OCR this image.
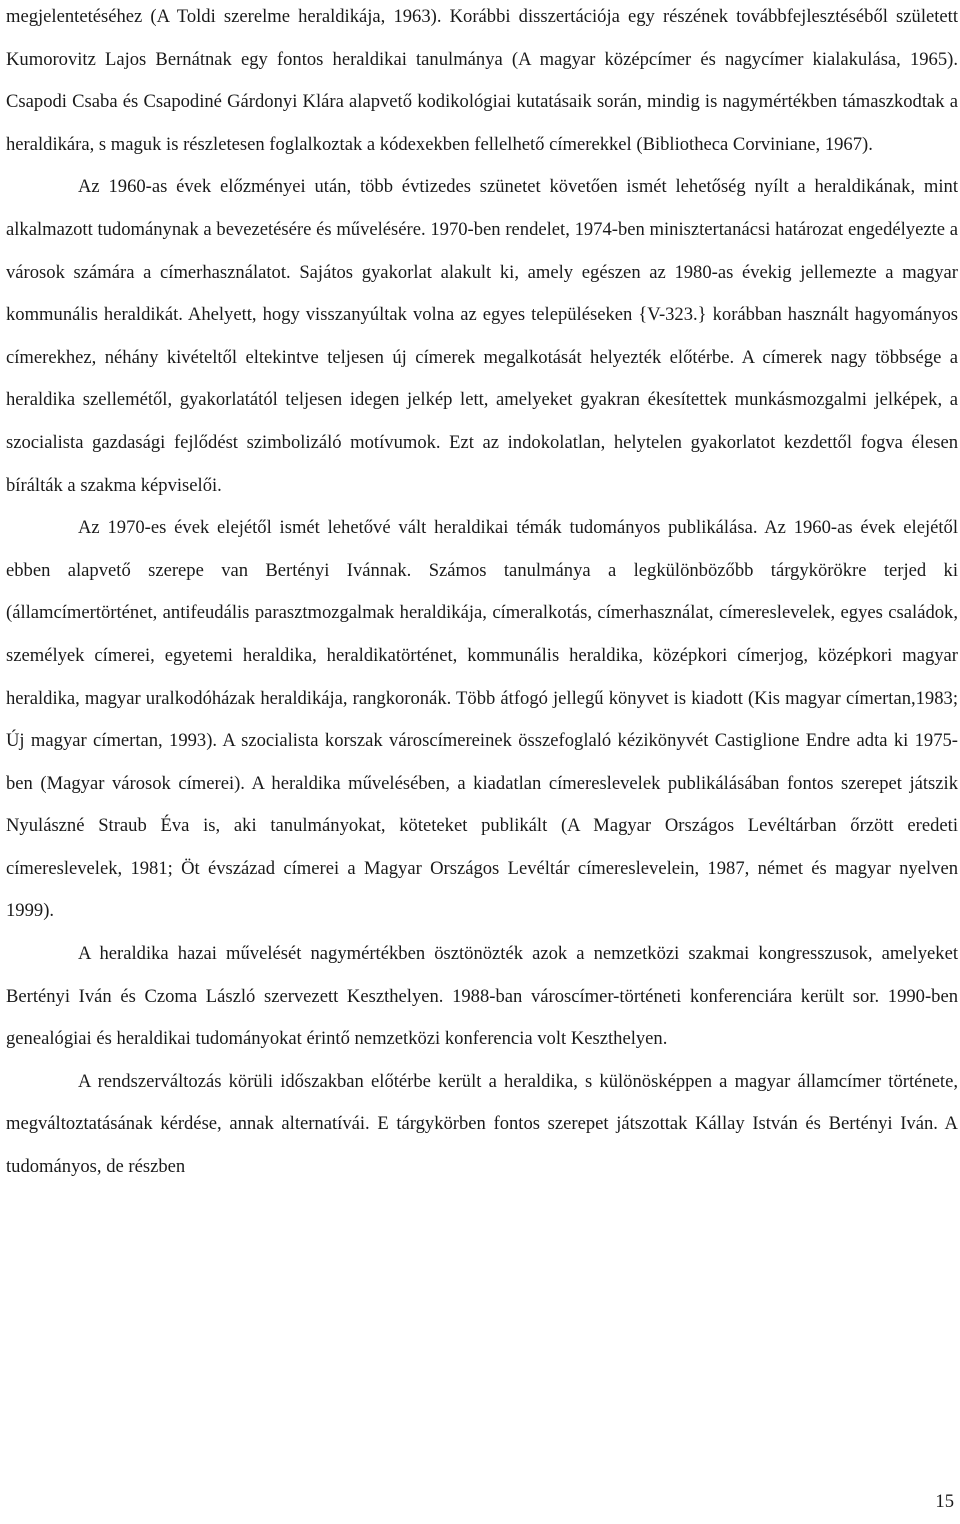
megjelentetéséhez (A Toldi szerelme heraldikája, 1963). Korábbi disszertációja egy részének továbbfejlesztéséből született Kumorovitz Lajos Bernátnak egy fontos heraldikai tanulmánya (A magyar középcímer és nagycímer kialakulása, 1965). Csapodi Csaba és Csapodiné Gárdonyi Klára alapvető kodikológiai kutatásaik során, mindig is nagymértékben támaszkodtak a heraldikára, s maguk is részletesen foglalkoztak a kódexekben fellelhető címerekkel (Bibliotheca Corviniane, 1967).

Az 1960-as évek előzményei után, több évtizedes szünetet követően ismét lehetőség nyílt a heraldikának, mint alkalmazott tudománynak a bevezetésére és művelésére. 1970-ben rendelet, 1974-ben minisztertanácsi határozat engedélyezte a városok számára a címerhasználatot. Sajátos gyakorlat alakult ki, amely egészen az 1980-as évekig jellemezte a magyar kommunális heraldikát. Ahelyett, hogy visszanyúltak volna az egyes településeken {V-323.} korábban használt hagyományos címerekhez, néhány kivételtől eltekintve teljesen új címerek megalkotását helyezték előtérbe. A címerek nagy többsége a heraldika szellemétől, gyakorlatától teljesen idegen jelkép lett, amelyeket gyakran ékesítettek munkásmozgalmi jelképek, a szocialista gazdasági fejlődést szimbolizáló motívumok. Ezt az indokolatlan, helytelen gyakorlatot kezdettől fogva élesen bírálták a szakma képviselői.

Az 1970-es évek elejétől ismét lehetővé vált heraldikai témák tudományos publikálása. Az 1960-as évek elejétől ebben alapvető szerepe van Bertényi Ivánnak. Számos tanulmánya a legkülönbözőbb tárgykörökre terjed ki (államcímertörténet, antifeudális parasztmozgalmak heraldikája, címeralkotás, címerhasználat, címereslevelek, egyes családok, személyek címerei, egyetemi heraldika, heraldikatörténet, kommunális heraldika, középkori címerjog, középkori magyar heraldika, magyar uralkodóházak heraldikája, rangkoronák. Több átfogó jellegű könyvet is kiadott (Kis magyar címertan,1983; Új magyar címertan, 1993). A szocialista korszak városcímereinek összefoglaló kézikönyvét Castiglione Endre adta ki 1975-ben (Magyar városok címerei). A heraldika művelésében, a kiadatlan címereslevelek publikálásában fontos szerepet játszik Nyulászné Straub Éva is, aki tanulmányokat, köteteket publikált (A Magyar Országos Levéltárban őrzött eredeti címereslevelek, 1981; Öt évszázad címerei a Magyar Országos Levéltár címereslevelein, 1987, német és magyar nyelven 1999).

A heraldika hazai művelését nagymértékben ösztönözték azok a nemzetközi szakmai kongresszusok, amelyeket Bertényi Iván és Czoma László szervezett Keszthelyen. 1988-ban városcímer-történeti konferenciára került sor. 1990-ben genealógiai és heraldikai tudományokat érintő nemzetközi konferencia volt Keszthelyen.

A rendszerváltozás körüli időszakban előtérbe került a heraldika, s különösképpen a magyar államcímer története, megváltoztatásának kérdése, annak alternatívái. E tárgykörben fontos szerepet játszottak Kállay István és Bertényi Iván. A tudományos, de részben

15
